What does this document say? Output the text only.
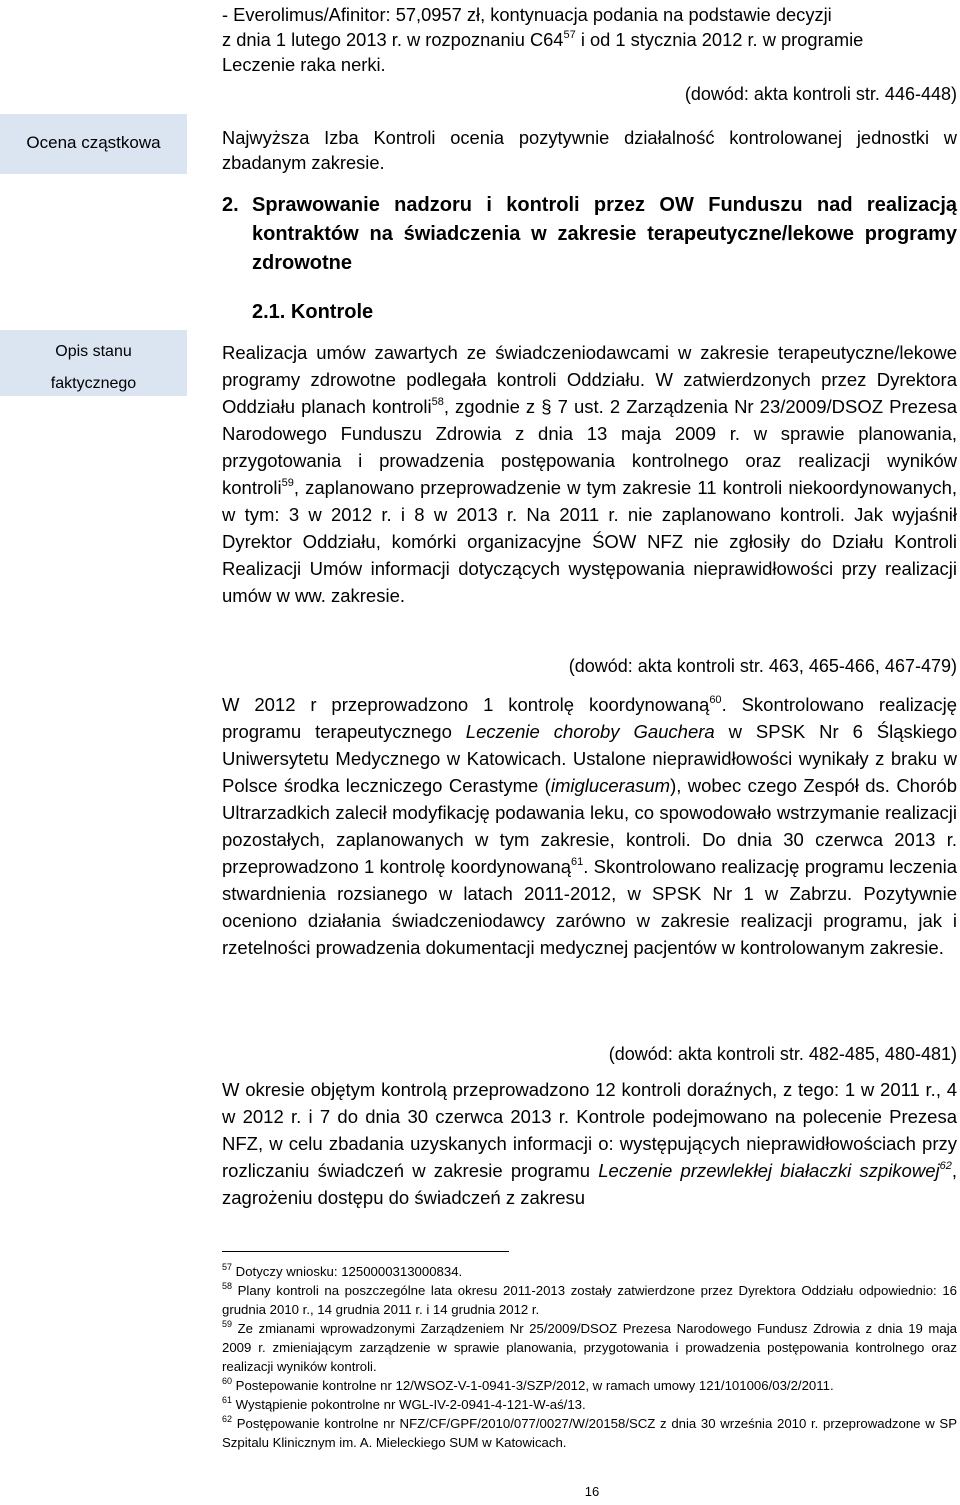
Ocena cząstkowa
Opis stanu
faktycznego

- Everolimus/Afinitor: 57,0957 zł, kontynuacja podania na podstawie decyzji
z dnia 1 lutego 2013 r. w rozpoznaniu $C64^{57}$ i od 1 stycznia 2012 r. w programie
Leczenie raka nerki.

(dowód: akta kontroli str. 446-448)

Najwyższa Izba Kontroli ocenia pozytywnie działalność kontrolowanej jednostki w zbadanym zakresie.

2. Sprawowanie nadzoru i kontroli przez OW Funduszu nad realizacją kontraktów na świadczenia w zakresie terapeutyczne/lekowe programy zdrowotne
2.1. Kontrole

Realizacja umów zawartych ze świadczeniodawcami w zakresie terapeutyczne/lekowe programy zdrowotne podlegała kontroli Oddziału. W zatwierdzonych przez Dyrektora Oddziału planach kontroli$^{58}$, zgodnie z § 7 ust. 2 Zarządzenia Nr 23/2009/DSOZ Prezesa Narodowego Funduszu Zdrowia z dnia 13 maja 2009 r. w sprawie planowania, przygotowania i prowadzenia postępowania kontrolnego oraz realizacji wyników kontroli$^{59}$, zaplanowano przeprowadzenie w tym zakresie 11 kontroli niekoordynowanych, w tym: 3 w 2012 r. i 8 w 2013 r. Na 2011 r. nie zaplanowano kontroli. Jak wyjaśnił Dyrektor Oddziału, komórki organizacyjne ŚOW NFZ nie zgłosiły do Działu Kontroli Realizacji Umów informacji dotyczących występowania nieprawidłowości przy realizacji umów w ww. zakresie.

(dowód: akta kontroli str. 463, 465-466, 467-479)

W 2012 r przeprowadzono 1 kontrolę koordynowaną$^{60}$. Skontrolowano realizację programu terapeutycznego Leczenie choroby Gauchera w SPSK Nr 6 Śląskiego Uniwersytetu Medycznego w Katowicach. Ustalone nieprawidłowości wynikały z braku w Polsce środka leczniczego Cerastyme (imiglucerasum), wobec czego Zespół ds. Chorób Ultrarzadkich zalecił modyfikację podawania leku, co spowodowało wstrzymanie realizacji pozostałych, zaplanowanych w tym zakresie, kontroli. Do dnia 30 czerwca 2013 r. przeprowadzono 1 kontrolę koordynowaną$^{61}$. Skontrolowano realizację programu leczenia stwardnienia rozsianego w latach 2011-2012, w SPSK Nr 1 w Zabrzu. Pozytywnie oceniono działania świadczeniodawcy zarówno w zakresie realizacji programu, jak i rzetelności prowadzenia dokumentacji medycznej pacjentów w kontrolowanym zakresie.

(dowód: akta kontroli str. 482-485, 480-481)

W okresie objętym kontrolą przeprowadzono 12 kontroli doraźnych, z tego: 1 w 2011 r., 4 w 2012 r. i 7 do dnia 30 czerwca 2013 r. Kontrole podejmowano na polecenie Prezesa NFZ, w celu zbadania uzyskanych informacji o: występujących nieprawidłowościach przy rozliczaniu świadczeń w zakresie programu Leczenie przewlekłej białaczki szpikowej$^{62}$, zagrożeniu dostępu do świadczeń z zakresu

$^{57}$ Dotyczy wniosku: 1250000313000834.

$^{58}$ Plany kontroli na poszczególne lata okresu 2011-2013 zostały zatwierdzone przez Dyrektora Oddziału odpowiednio: 16 grudnia 2010 r., 14 grudnia 2011 r. i 14 grudnia 2012 r.

$^{59}$ Ze zmianami wprowadzonymi Zarządzeniem Nr 25/2009/DSOZ Prezesa Narodowego Fundusz Zdrowia z dnia 19 maja 2009 r. zmieniającym zarządzenie w sprawie planowania, przygotowania i prowadzenia postępowania kontrolnego oraz realizacji wyników kontroli.

$^{60}$ Postepowanie kontrolne nr 12/WSOZ-V-1-0941-3/SZP/2012, w ramach umowy 121/101006/03/2/2011.

$^{61}$ Wystąpienie pokontrolne nr WGL-IV-2-0941-4-121-W-aś/13.

$^{62}$ Postępowanie kontrolne nr NFZ/CF/GPF/2010/077/0027/W/20158/SCZ z dnia 30 września 2010 r. przeprowadzone w SP Szpitalu Klinicznym im. A. Mieleckiego SUM w Katowicach.

16
